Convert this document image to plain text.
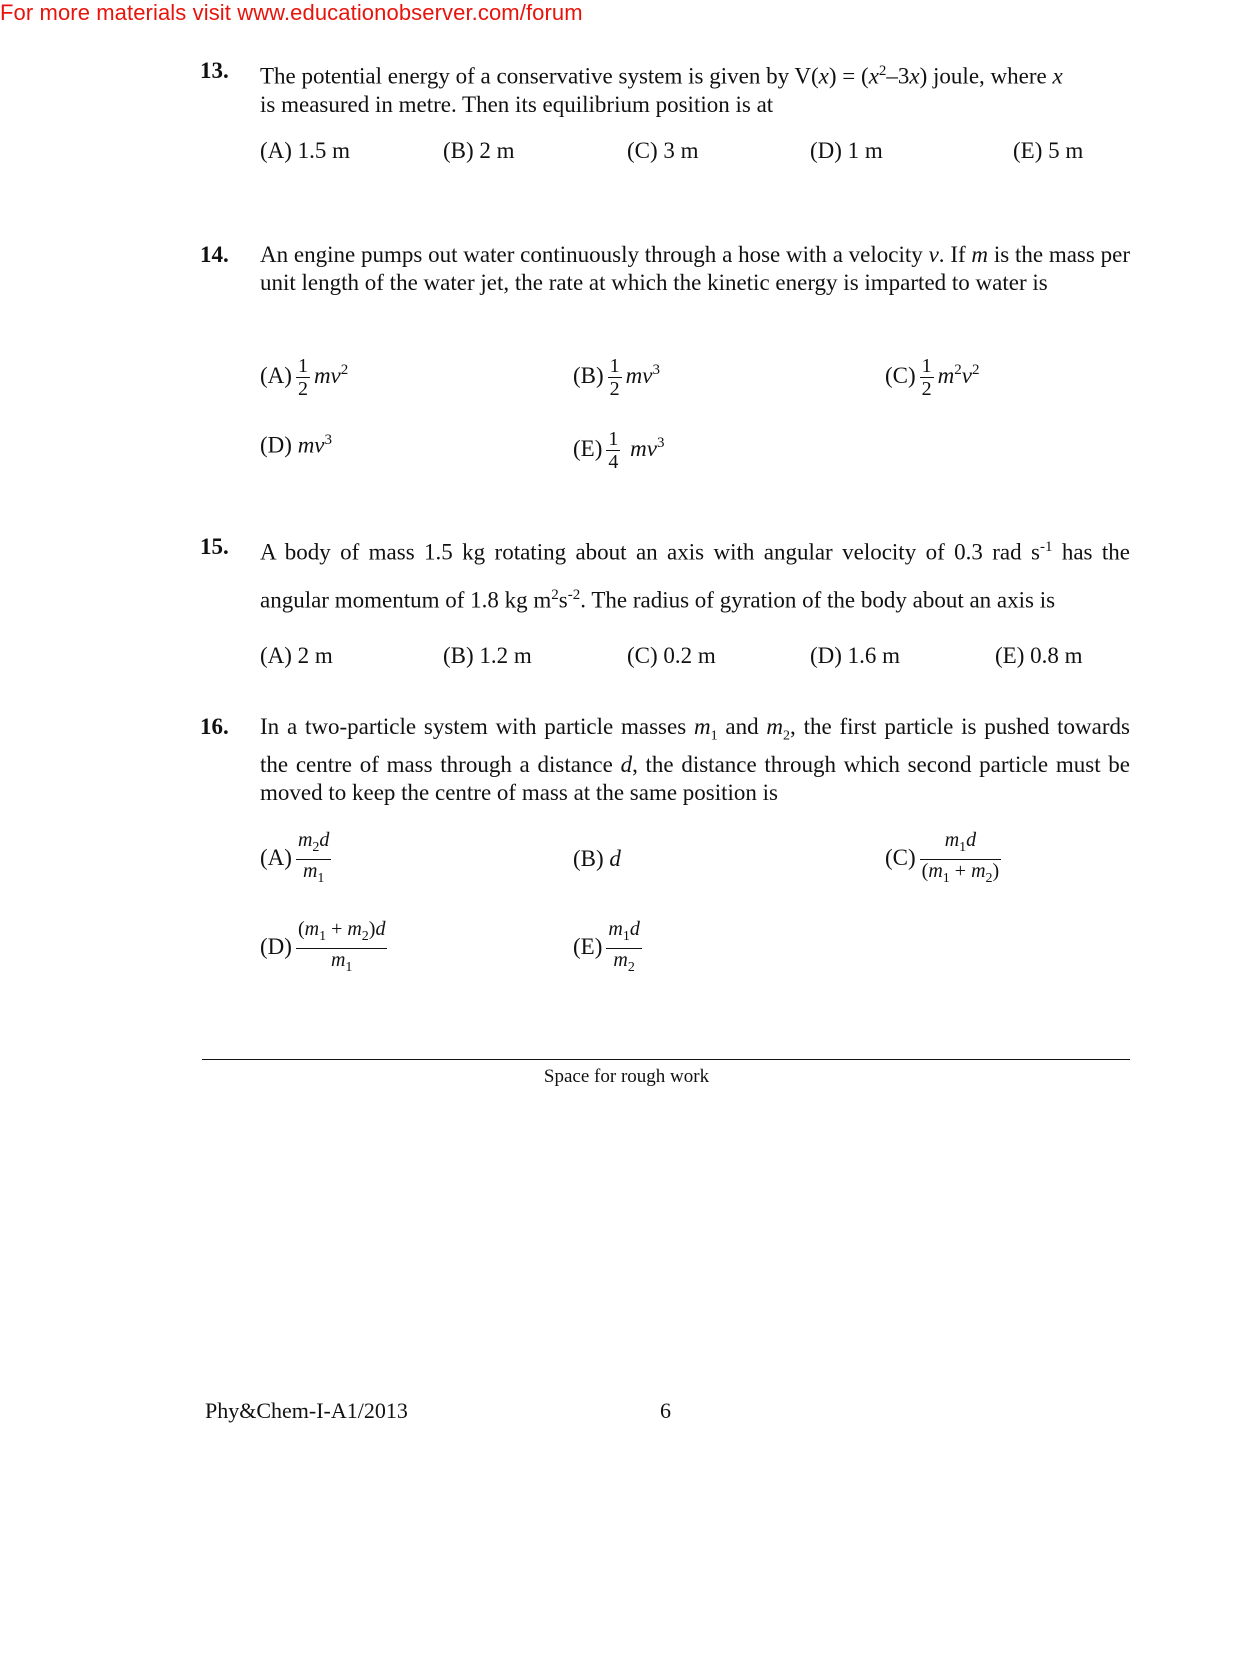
For more materials visit www.educationobserver.com/forum
13. The potential energy of a conservative system is given by $V(x) = (x^2-3x)$ joule, where x
is measured in metre. Then its equilibrium position is at
(A) 1.5 m	(B) 2 m	(C) 3 m	(D) 1 m	(E) 5 m
14. An engine pumps out water continuously through a hose with a velocity v. If m is the mass per unit length of the water jet, the rate at which the kinetic energy is imparted to water is
$(A) \frac{1}{2} mv^2$	$(B) \frac{1}{2} mv^3$	$(C) \frac{1}{2} m^2v^2$
(D) $mv^3$	$(E) \frac{1}{4} mv^3$
15. A body of mass 1.5 kg rotating about an axis with angular velocity of 0.3 rad $s^{-1}$ has the angular momentum of 1.8 kg $m^2s^{-2}$. The radius of gyration of the body about an axis is
(A) 2 m	(B) 1.2 m	(C) 0.2 m	(D) 1.6 m	(E) 0.8 m
16. In a two-particle system with particle masses $m_1$ and $m_2$, the first particle is pushed towards the centre of mass through a distance d, the distance through which second particle must be moved to keep the centre of mass at the same position is
$(A) \frac{m_2d}{m_1}$	(B) d	$(C) \frac{m_1d}{(m_1 + m_2)}$
$(D) \frac{(m_1 + m_2)d}{m_1}$	$(E) \frac{m_1d}{m_2}$
Space for rough work
Phy&Chem-I-A1/2013	6
